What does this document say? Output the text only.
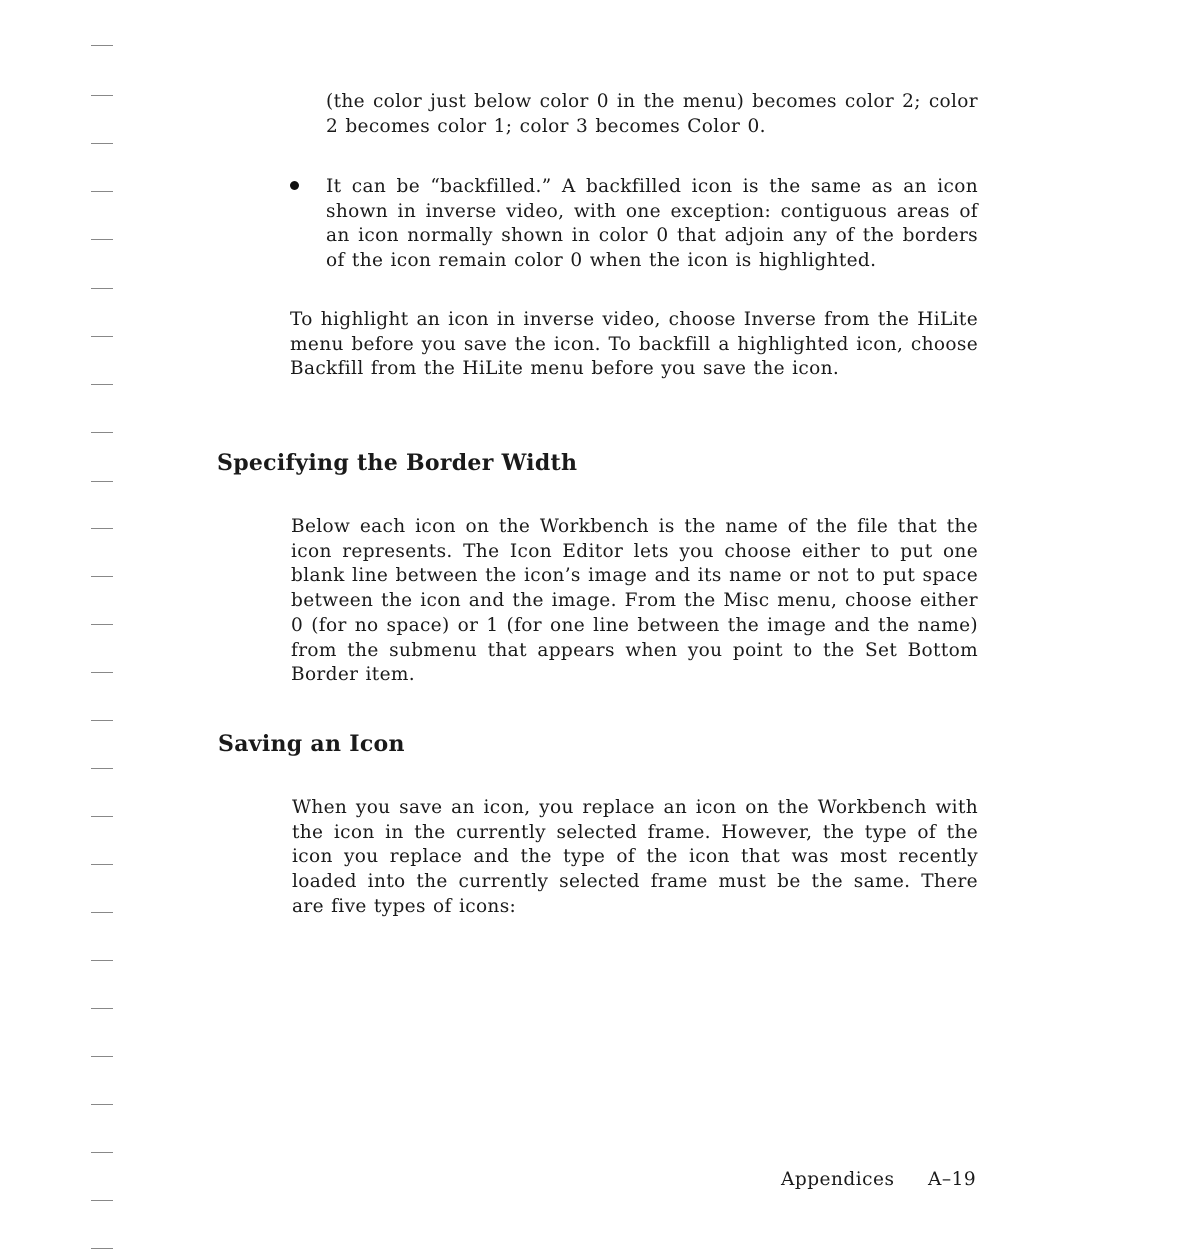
(the color just below color 0 in the menu) becomes color 2; color 2 becomes color 1; color 3 becomes Color 0.

It can be “backfilled.” A backfilled icon is the same as an icon shown in inverse video, with one exception: contiguous areas of an icon normally shown in color 0 that adjoin any of the borders of the icon remain color 0 when the icon is highlighted.

To highlight an icon in inverse video, choose Inverse from the HiLite menu before you save the icon. To backfill a highlighted icon, choose Backfill from the HiLite menu before you save the icon.

Specifying the Border Width

Below each icon on the Workbench is the name of the file that the icon represents. The Icon Editor lets you choose either to put one blank line between the icon’s image and its name or not to put space between the icon and the image. From the Misc menu, choose either 0 (for no space) or 1 (for one line between the image and the name) from the submenu that appears when you point to the Set Bottom Border item.

Saving an Icon

When you save an icon, you replace an icon on the Workbench with the icon in the currently selected frame. However, the type of the icon you replace and the type of the icon that was most recently loaded into the currently selected frame must be the same. There are five types of icons:

Appendices A–19
